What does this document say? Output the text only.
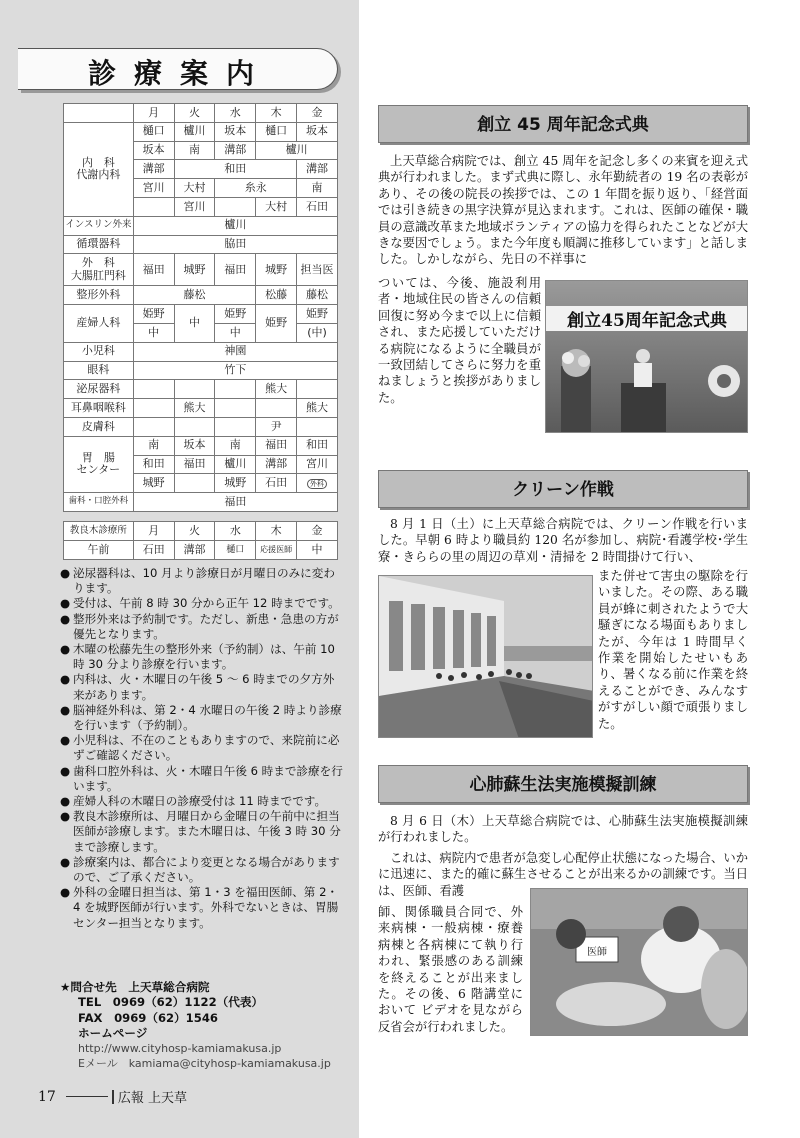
診療案内
	月	火	水	木	金
内　科
代謝内科	樋口	櫨川	坂本	樋口	坂本
	坂本	南	溝部	櫨川	
	溝部	和田			溝部
	宮川	大村	糸永		南
		宮川		大村	石田
インスリン外来	櫨川				
循環器科	脇田				
外　科
大腸肛門科	福田	城野	福田	城野	担当医
整形外科	藤松			松藤	藤松
産婦人科	姫野	中	姫野	姫野	姫野
	中		中		(中)
小児科	神園				
眼科	竹下				
泌尿器科				熊大	
耳鼻咽喉科		熊大			熊大
皮膚科				尹	
胃　腸
センター	南	坂本	南	福田	和田
	和田	福田	櫨川	溝部	宮川
	城野		城野	石田	外科
歯科・口腔外科	福田				
教良木診療所	月	火	水	木	金
午前	石田	溝部	樋口	応援医師	中
● 泌尿器科は、10 月より診療日が月曜日のみに変わります。
● 受付は、午前 8 時 30 分から正午 12 時までです。
● 整形外来は予約制です。ただし、新患・急患の方が優先となります。
● 木曜の松藤先生の整形外来（予約制）は、午前 10 時 30 分より診療を行います。
● 内科は、火・木曜日の午後 5 ～ 6 時までの夕方外来があります。
● 脳神経外科は、第 2・4 水曜日の午後 2 時より診療を行います（予約制）。
● 小児科は、不在のこともありますので、来院前に必ずご確認ください。
● 歯科口腔外科は、火・木曜日午後 6 時まで診療を行います。
● 産婦人科の木曜日の診療受付は 11 時までです。
● 教良木診療所は、月曜日から金曜日の午前中に担当医師が診療します。また木曜日は、午後 3 時 30 分まで診療します。
● 診療案内は、都合により変更となる場合がありますので、ご了承ください。
● 外科の金曜日担当は、第 1・3 を福田医師、第 2・4 を城野医師が行います。外科でないときは、胃腸センター担当となります。
★問合せ先　上天草総合病院
TEL　0969（62）1122（代表）
FAX　0969（62）1546
ホームページ
http://www.cityhosp-kamiamakusa.jp
Eメール　kamiama@cityhosp-kamiamakusa.jp
17	広報 上天草
創立 45 周年記念式典
上天草総合病院では、創立 45 周年を記念し多くの来賓を迎え式典が行われました。まず式典に際し、永年勤続者の 19 名の表彰があり、その後の院長の挨拶では、この 1 年間を振り返り、「経営面では引き続きの黒字決算が見込まれます。これは、医師の確保・職員の意識改革また地域ボランティアの協力を得られたことなどが大きな要因でしょう。また今年度も順調に推移しています」と話しました。しかしながら、先日の不祥事に
ついては、今後、施設利用者・地域住民の皆さんの信頼回復に努め今まで以上に信頼され、また応援していただける病院になるように全職員が一致団結してさらに努力を重ねましょうと挨拶がありました。
創立45周年記念式典
クリーン作戦
8 月 1 日（土）に上天草総合病院では、クリーン作戦を行いました。早朝 6 時より職員約 120 名が参加し、病院･看護学校･学生寮・きららの里の周辺の草刈・清掃を 2 時間掛けて行い、
また併せて害虫の駆除を行いました。その際、ある職員が蜂に刺されたようで大騒ぎになる場面もありましたが、今年は 1 時間早く作業を開始したせいもあり、暑くなる前に作業を終えることができ、みんなすがすがしい顔で頑張りました。
心肺蘇生法実施模擬訓練
8 月 6 日（木）上天草総合病院では、心肺蘇生法実施模擬訓練が行われました。
これは、病院内で患者が急変し心配停止状態になった場合、いかに迅速に、また的確に蘇生させることが出来るかの訓練です。当日は、医師、看護
師、関係職員合同で、外来病棟・一般病棟・療養病棟と各病棟にて執り行われ、緊張感のある訓練を終えることが出来ました。その後、6 階講堂において ビデオを見ながら反省会が行われました。
医師
